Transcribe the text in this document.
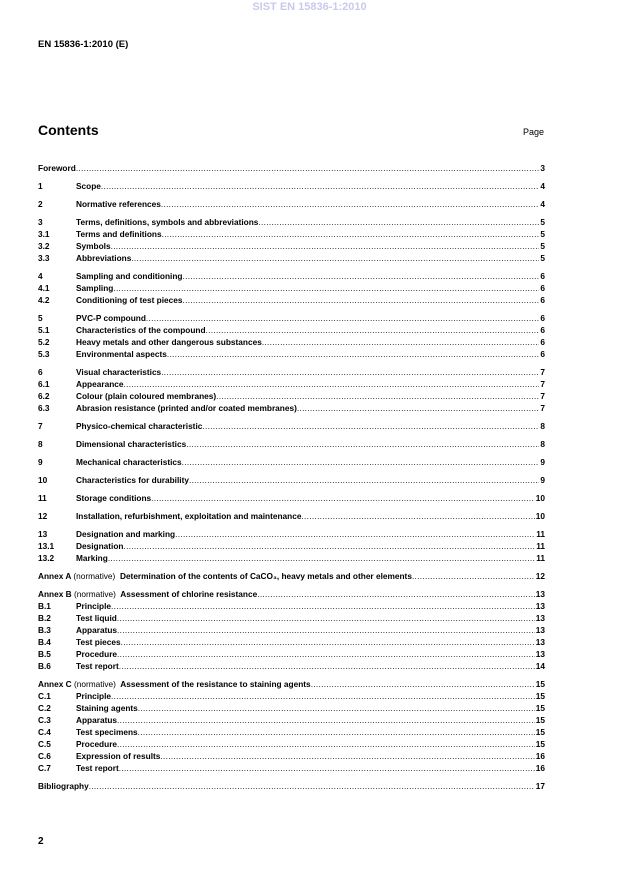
SIST EN 15836-1:2010
EN 15836-1:2010 (E)
Contents	Page
Foreword .....	3
1	Scope .....	4
2	Normative references .....	4
3	Terms, definitions, symbols and abbreviations .....	5
3.1	Terms and definitions .....	5
3.2	Symbols .....	5
3.3	Abbreviations .....	5
4	Sampling and conditioning .....	6
4.1	Sampling .....	6
4.2	Conditioning of test pieces .....	6
5	PVC-P compound .....	6
5.1	Characteristics of the compound .....	6
5.2	Heavy metals and other dangerous substances .....	6
5.3	Environmental aspects .....	6
6	Visual characteristics .....	7
6.1	Appearance .....	7
6.2	Colour (plain coloured membranes) .....	7
6.3	Abrasion resistance (printed and/or coated membranes) .....	7
7	Physico-chemical characteristic .....	8
8	Dimensional characteristics .....	8
9	Mechanical characteristics .....	9
10	Characteristics for durability .....	9
11	Storage conditions .....	10
12	Installation, refurbishment, exploitation and maintenance .....	10
13	Designation and marking .....	11
13.1	Designation .....	11
13.2	Marking .....	11
Annex A (normative) Determination of the contents of CaCO₃, heavy metals and other elements .....	12
Annex B (normative) Assessment of chlorine resistance .....	13
B.1	Principle .....	13
B.2	Test liquid .....	13
B.3	Apparatus .....	13
B.4	Test pieces .....	13
B.5	Procedure .....	13
B.6	Test report .....	14
Annex C (normative) Assessment of the resistance to staining agents .....	15
C.1	Principle .....	15
C.2	Staining agents .....	15
C.3	Apparatus .....	15
C.4	Test specimens .....	15
C.5	Procedure .....	15
C.6	Expression of results .....	16
C.7	Test report .....	16
Bibliography .....	17
2
